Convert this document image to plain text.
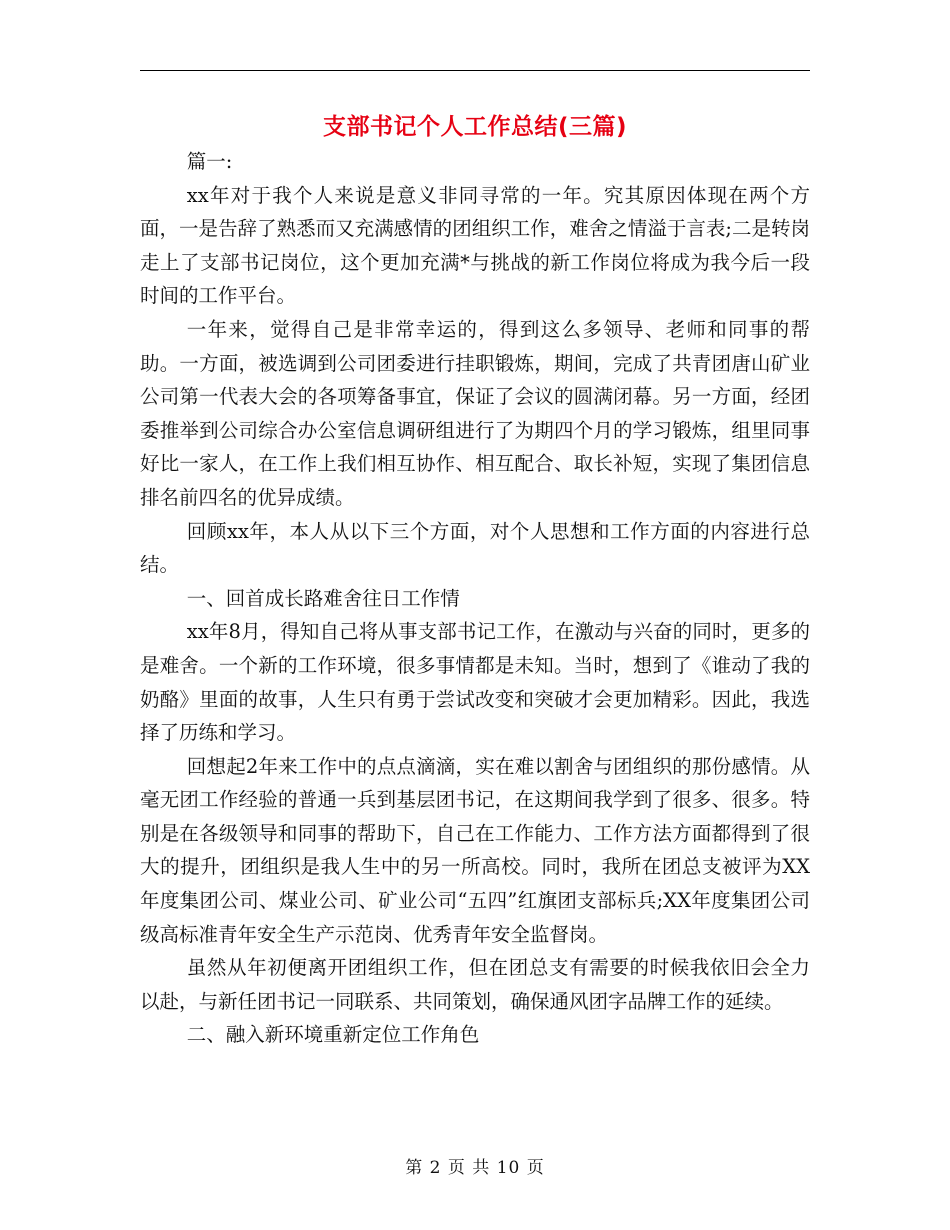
支部书记个人工作总结(三篇)

篇一:

xx年对于我个人来说是意义非同寻常的一年。究其原因体现在两个方面，一是告辞了熟悉而又充满感情的团组织工作，难舍之情溢于言表;二是转岗走上了支部书记岗位，这个更加充满*与挑战的新工作岗位将成为我今后一段时间的工作平台。

一年来，觉得自己是非常幸运的，得到这么多领导、老师和同事的帮助。一方面，被选调到公司团委进行挂职锻炼，期间，完成了共青团唐山矿业公司第一代表大会的各项筹备事宜，保证了会议的圆满闭幕。另一方面，经团委推举到公司综合办公室信息调研组进行了为期四个月的学习锻炼，组里同事好比一家人，在工作上我们相互协作、相互配合、取长补短，实现了集团信息排名前四名的优异成绩。

回顾xx年，本人从以下三个方面，对个人思想和工作方面的内容进行总结。

一、回首成长路难舍往日工作情

xx年8月，得知自己将从事支部书记工作，在激动与兴奋的同时，更多的是难舍。一个新的工作环境，很多事情都是未知。当时，想到了《谁动了我的奶酪》里面的故事，人生只有勇于尝试改变和突破才会更加精彩。因此，我选择了历练和学习。

回想起2年来工作中的点点滴滴，实在难以割舍与团组织的那份感情。从毫无团工作经验的普通一兵到基层团书记，在这期间我学到了很多、很多。特别是在各级领导和同事的帮助下，自己在工作能力、工作方法方面都得到了很大的提升，团组织是我人生中的另一所高校。同时，我所在团总支被评为XX年度集团公司、煤业公司、矿业公司“五四”红旗团支部标兵;XX年度集团公司级高标准青年安全生产示范岗、优秀青年安全监督岗。

虽然从年初便离开团组织工作，但在团总支有需要的时候我依旧会全力以赴，与新任团书记一同联系、共同策划，确保通风团字品牌工作的延续。

二、融入新环境重新定位工作角色

第 2 页 共 10 页
